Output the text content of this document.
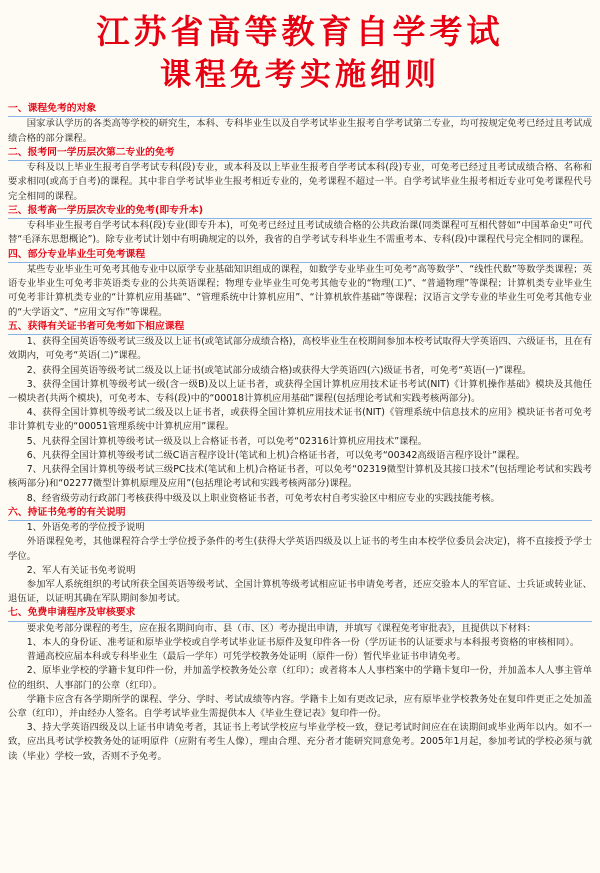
江苏省高等教育自学考试
课程免考实施细则
一、课程免考的对象

国家承认学历的各类高等学校的研究生，本科、专科毕业生以及自学考试毕业生报考自学考试第二专业，均可按规定免考已经过且考试成绩合格的部分课程。

二、报考同一学历层次第二专业的免考

专科及以上毕业生报考自学考试专科(段)专业，或本科及以上毕业生报考自学考试本科(段)专业，可免考已经过且考试成绩合格、名称和要求相同(或高于自考)的课程。其中非自学考试毕业生报考相近专业的，免考课程不超过一半。自学考试毕业生报考相近专业可免考课程代号完全相同的课程。

三、报考高一学历层次专业的免考(即专升本)

专科毕业生报考自学考试本科(段)专业(即专升本)，可免考已经过且考试成绩合格的公共政治课(同类课程可互相代替如“中国革命史”可代替“毛泽东思想概论”)。除专业考试计划中有明确规定的以外，我省的自学考试专科毕业生不需重考本、专科(段)中课程代号完全相同的课程。

四、部分专业毕业生可免考课程

某些专业毕业生可免考其他专业中以原学专业基础知识组成的课程，如数学专业毕业生可免考“高等数学”、“线性代数”等数学类课程；英语专业毕业生可免考非英语类专业的公共英语课程；物理专业毕业生可免考其他专业的“物理(工)”、“普通物理”等课程；计算机类专业毕业生可免考非计算机类专业的“计算机应用基础”、“管理系统中计算机应用”、“计算机软件基础”等课程；汉语言文学专业的毕业生可免考其他专业的“大学语文”、“应用文写作”等课程。

五、获得有关证书者可免考如下相应课程

1、获得全国英语等级考试三级及以上证书(或笔试部分成绩合格)，高校毕业生在校期间参加本校考试取得大学英语四、六级证书，且在有效期内，可免考“英语(二)”课程。

2、获得全国英语等级考试二级及以上证书(或笔试部分成绩合格)或获得大学英语四(六)级证书者，可免考“英语(一)”课程。

3、获得全国计算机等级考试一级(含一级B)及以上证书者，或获得全国计算机应用技术证书考试(NIT)《计算机操作基础》模块及其他任一模块者(共两个模块)，可免考本、专科(段)中的“00018计算机应用基础”课程(包括理论考试和实践考核两部分)。

4、获得全国计算机等级考试二级及以上证书者，或获得全国计算机应用技术证书(NIT)《管理系统中信息技术的应用》模块证书者可免考非计算机专业的“00051管理系统中计算机应用”课程。

5、凡获得全国计算机等级考试一级及以上合格证书者，可以免考“02316计算机应用技术”课程。

6、凡获得全国计算机等级考试二级C语言程序设计(笔试和上机)合格证书者，可以免考“00342高级语言程序设计”课程。

7、凡获得全国计算机等级考试三级PC技术(笔试和上机)合格证书者，可以免考“02319微型计算机及其接口技术”(包括理论考试和实践考核两部分)和“02277微型计算机原理及应用”(包括理论考试和实践考核两部分)课程。

8、经省级劳动行政部门考核获得中级及以上职业资格证书者，可免考农村自考实验区中相应专业的实践技能考核。

六、持证书免考的有关说明

1、外语免考的学位授予说明

外语课程免考，其他课程符合学士学位授予条件的考生(获得大学英语四级及以上证书的考生由本校学位委员会决定)，将不直接授予学士学位。

2、军人有关证书免考说明

参加军人系统组织的考试所获全国英语等级考试、全国计算机等级考试相应证书申请免考者，还应交验本人的军官证、士兵证或转业证、退伍证，以证明其确在军队期间参加考试。

七、免费申请程序及审核要求

要求免考部分课程的考生，应在报名期间向市、县（市、区）考办提出申请，并填写《课程免考审批表》，且提供以下材料：

1、本人的身份证、准考证和原毕业学校或自学考试毕业证书原件及复印件各一份（学历证书的认证要求与本科报考资格的审核相同）。

普通高校应届本科或专科毕业生（最后一学年）可凭学校教务处证明（原件一份）暂代毕业证书申请免考。

2、原毕业学校的学籍卡复印件一份，并加盖学校教务处公章（红印）；或者将本人人事档案中的学籍卡复印一份，并加盖本人人事主管单位的组织、人事部门的公章（红印）。

学籍卡应含有各学期所学的课程、学分、学时、考试成绩等内容。学籍卡上如有更改记录，应有原毕业学校教务处在复印件更正之处加盖公章（红印），并由经办人签名。自学考试毕业生需提供本人《毕业生登记表》复印件一份。

3、持大学英语四级及以上证书申请免考者，其证书上考试学校应与毕业学校一致，登记考试时间应在在读期间或毕业两年以内。如不一致，应出具考试学校教务处的证明原件（应附有考生人像），理由合理、充分者才能研究同意免考。2005年1月起，参加考试的学校必须与就读（毕业）学校一致，否则不予免考。
